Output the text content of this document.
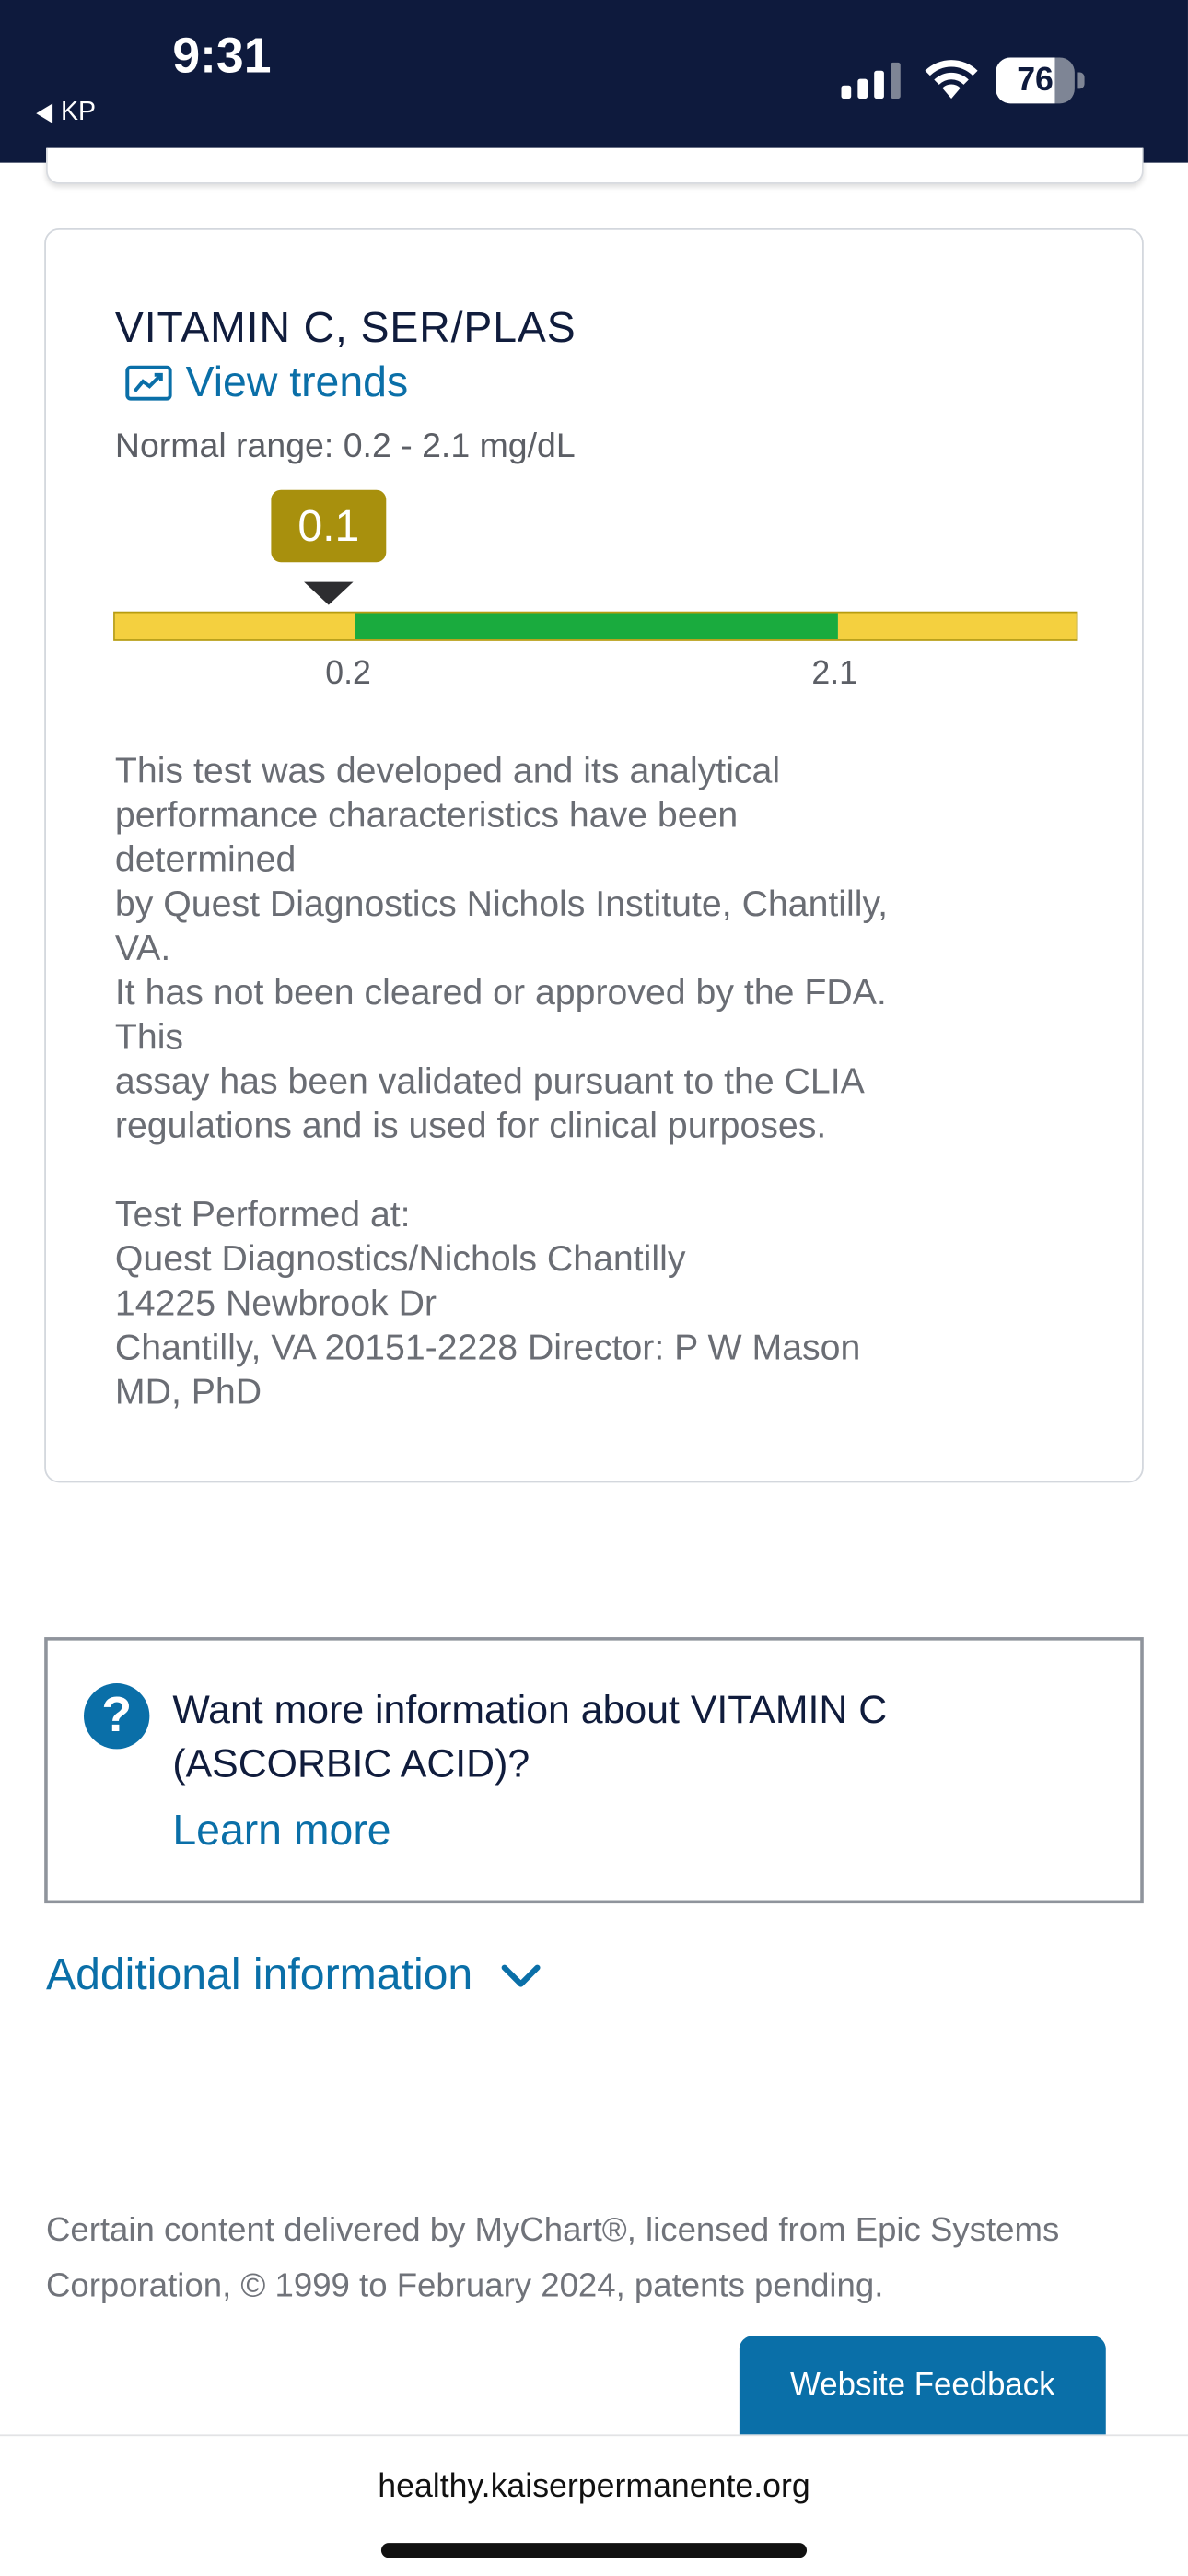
9:31
KP
76
VITAMIN C, SER/PLAS
View trends
Normal range: 0.2 - 2.1 mg/dL
0.1
0.2	2.1
This test was developed and its analytical
performance characteristics have been
determined
by Quest Diagnostics Nichols Institute, Chantilly,
VA.
It has not been cleared or approved by the FDA.
This
assay has been validated pursuant to the CLIA
regulations and is used for clinical purposes.

Test Performed at:
Quest Diagnostics/Nichols Chantilly
14225 Newbrook Dr
Chantilly, VA 20151-2228 Director: P W Mason
MD, PhD
?	Want more information about VITAMIN C (ASCORBIC ACID)?
Learn more
Additional information
Certain content delivered by MyChart®, licensed from Epic Systems Corporation, © 1999 to February 2024, patents pending.
Website Feedback
healthy.kaiserpermanente.org
